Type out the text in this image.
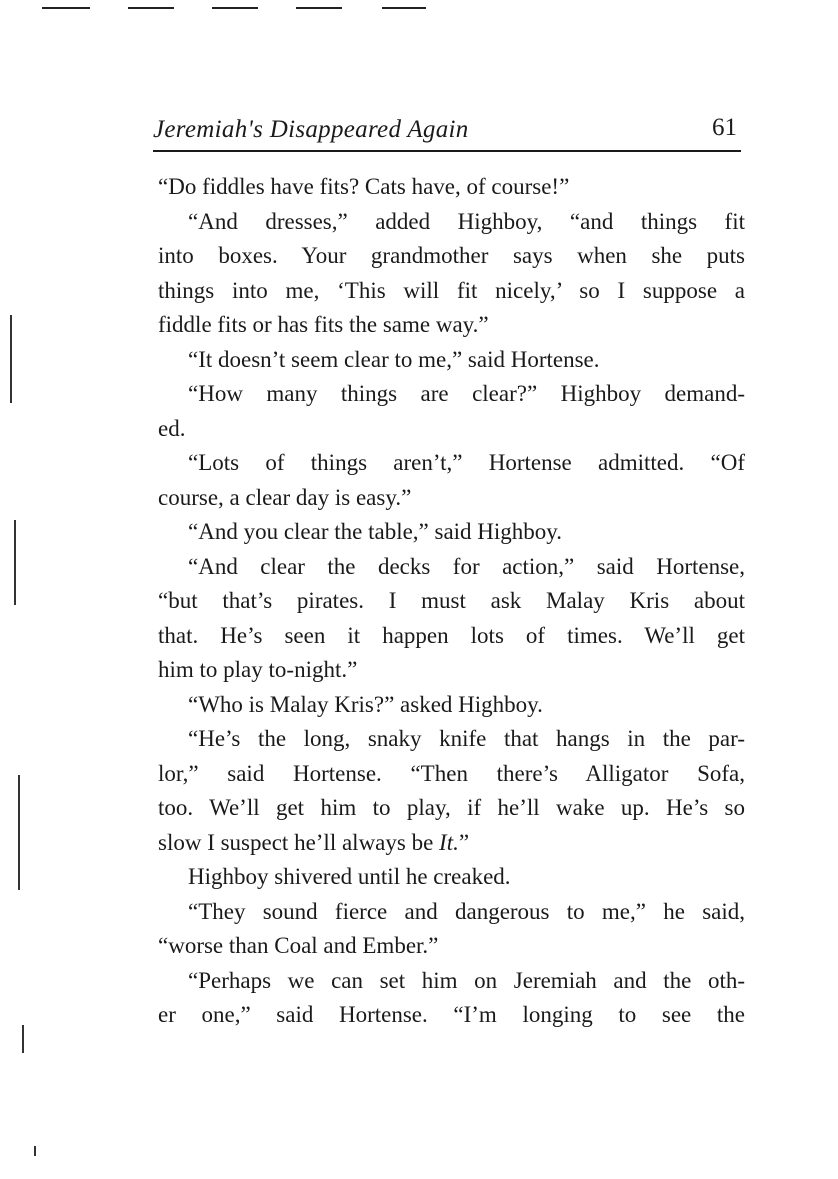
Jeremiah's Disappeared Again	61
“Do fiddles have fits? Cats have, of course!”
“And dresses,” added Highboy, “and things fit
into boxes. Your grandmother says when she puts
things into me, ‘This will fit nicely,’ so I suppose a
fiddle fits or has fits the same way.”
“It doesn’t seem clear to me,” said Hortense.
“How many things are clear?” Highboy demand-
ed.
“Lots of things aren’t,” Hortense admitted. “Of
course, a clear day is easy.”
“And you clear the table,” said Highboy.
“And clear the decks for action,” said Hortense,
“but that’s pirates. I must ask Malay Kris about
that. He’s seen it happen lots of times. We’ll get
him to play to-night.”
“Who is Malay Kris?” asked Highboy.
“He’s the long, snaky knife that hangs in the par-
lor,” said Hortense. “Then there’s Alligator Sofa,
too. We’ll get him to play, if he’ll wake up. He’s so
slow I suspect he’ll always be It.”
Highboy shivered until he creaked.
“They sound fierce and dangerous to me,” he said,
“worse than Coal and Ember.”
“Perhaps we can set him on Jeremiah and the oth-
er one,” said Hortense. “I’m longing to see the
